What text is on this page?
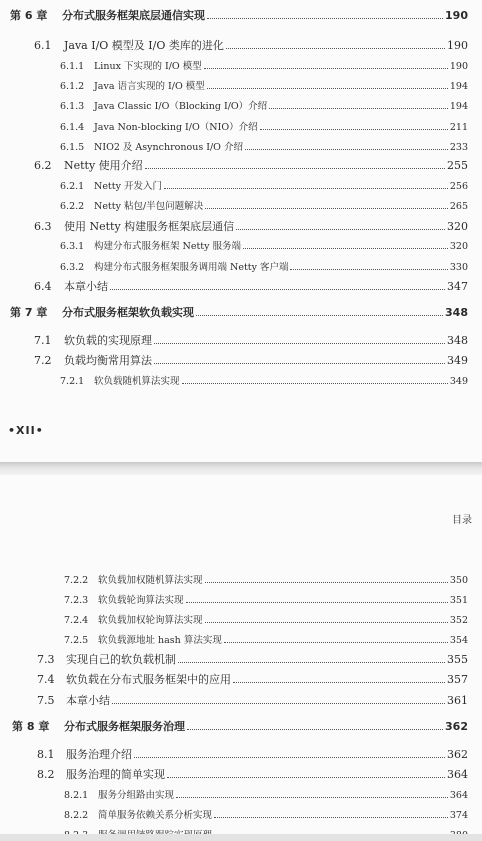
第 6 章	分布式服务框架底层通信实现	190
6.1	Java I/O 模型及 I/O 类库的进化	190
6.1.1	Linux 下实现的 I/O 模型	190
6.1.2	Java 语言实现的 I/O 模型	194
6.1.3	Java Classic I/O（Blocking I/O）介绍	194
6.1.4	Java Non-blocking I/O（NIO）介绍	211
6.1.5	NIO2 及 Asynchronous I/O 介绍	233
6.2	Netty 使用介绍	255
6.2.1	Netty 开发入门	256
6.2.2	Netty 粘包/半包问题解决	265
6.3	使用 Netty 构建服务框架底层通信	320
6.3.1	构建分布式服务框架 Netty 服务端	320
6.3.2	构建分布式服务框架服务调用端 Netty 客户端	330
6.4	本章小结	347
第 7 章	分布式服务框架软负载实现	348
7.1	软负载的实现原理	348
7.2	负载均衡常用算法	349
7.2.1	软负载随机算法实现	349
•XII•
目录
7.2.2	软负载加权随机算法实现	350
7.2.3	软负载轮询算法实现	351
7.2.4	软负载加权轮询算法实现	352
7.2.5	软负载源地址 hash 算法实现	354
7.3	实现自己的软负载机制	355
7.4	软负载在分布式服务框架中的应用	357
7.5	本章小结	361
第 8 章	分布式服务框架服务治理	362
8.1	服务治理介绍	362
8.2	服务治理的简单实现	364
8.2.1	服务分组路由实现	364
8.2.2	简单服务依赖关系分析实现	374
